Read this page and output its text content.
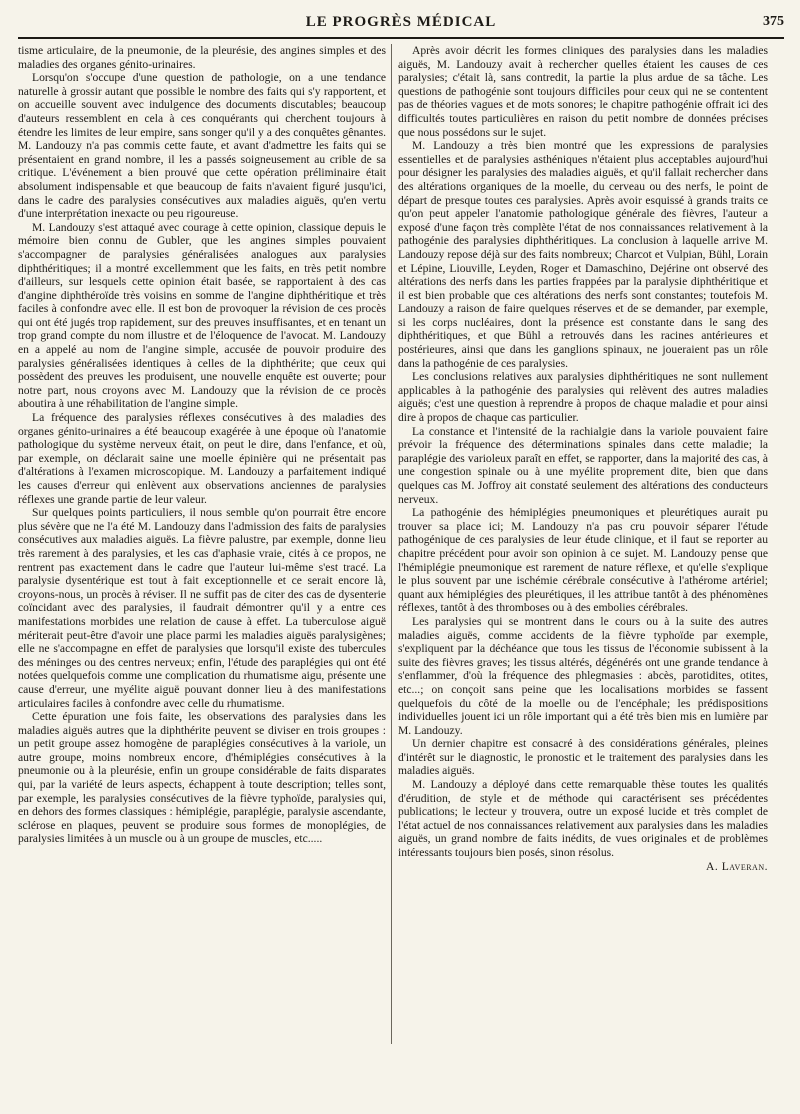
LE PROGRÈS MÉDICAL	375

tisme articulaire, de la pneumonie, de la pleurésie, des angines simples et des maladies des organes génito-urinaires.

Lorsqu'on s'occupe d'une question de pathologie, on a une tendance naturelle à grossir autant que possible le nombre des faits qui s'y rapportent, et on accueille souvent avec indulgence des documents discutables; beaucoup d'auteurs ressemblent en cela à ces conquérants qui cherchent toujours à étendre les limites de leur empire, sans songer qu'il y a des conquêtes gênantes. M. Landouzy n'a pas commis cette faute, et avant d'admettre les faits qui se présentaient en grand nombre, il les a passés soigneusement au crible de sa critique. L'événement a bien prouvé que cette opération préliminaire était absolument indispensable et que beaucoup de faits n'avaient figuré jusqu'ici, dans le cadre des paralysies consécutives aux maladies aiguës, qu'en vertu d'une interprétation inexacte ou peu rigoureuse.

M. Landouzy s'est attaqué avec courage à cette opinion, classique depuis le mémoire bien connu de Gubler, que les angines simples pouvaient s'accompagner de paralysies généralisées analogues aux paralysies diphthéritiques; il a montré excellemment que les faits, en très petit nombre d'ailleurs, sur lesquels cette opinion était basée, se rapportaient à des cas d'angine diphthéroïde très voisins en somme de l'angine diphthéritique et très faciles à confondre avec elle. Il est bon de provoquer la révision de ces procès qui ont été jugés trop rapidement, sur des preuves insuffisantes, et en tenant un trop grand compte du nom illustre et de l'éloquence de l'avocat. M. Landouzy en a appelé au nom de l'angine simple, accusée de pouvoir produire des paralysies généralisées identiques à celles de la diphthérite; que ceux qui possèdent des preuves les produisent, une nouvelle enquête est ouverte; pour notre part, nous croyons avec M. Landouzy que la révision de ce procès aboutira à une réhabilitation de l'angine simple.

La fréquence des paralysies réflexes consécutives à des maladies des organes génito-urinaires a été beaucoup exagérée à une époque où l'anatomie pathologique du système nerveux était, on peut le dire, dans l'enfance, et où, par exemple, on déclarait saine une moelle épinière qui ne présentait pas d'altérations à l'examen microscopique. M. Landouzy a parfaitement indiqué les causes d'erreur qui enlèvent aux observations anciennes de paralysies réflexes une grande partie de leur valeur.

Sur quelques points particuliers, il nous semble qu'on pourrait être encore plus sévère que ne l'a été M. Landouzy dans l'admission des faits de paralysies consécutives aux maladies aiguës. La fièvre palustre, par exemple, donne lieu très rarement à des paralysies, et les cas d'aphasie vraie, cités à ce propos, ne rentrent pas exactement dans le cadre que l'auteur lui-même s'est tracé. La paralysie dysentérique est tout à fait exceptionnelle et ce serait encore là, croyons-nous, un procès à réviser. Il ne suffit pas de citer des cas de dysenterie coïncidant avec des paralysies, il faudrait démontrer qu'il y a entre ces manifestations morbides une relation de cause à effet. La tuberculose aiguë mériterait peut-être d'avoir une place parmi les maladies aiguës paralysigènes; elle ne s'accompagne en effet de paralysies que lorsqu'il existe des tubercules des méninges ou des centres nerveux; enfin, l'étude des paraplégies qui ont été notées quelquefois comme une complication du rhumatisme aigu, présente une cause d'erreur, une myélite aiguë pouvant donner lieu à des manifestations articulaires faciles à confondre avec celle du rhumatisme.

Cette épuration une fois faite, les observations des paralysies dans les maladies aiguës autres que la diphthérite peuvent se diviser en trois groupes : un petit groupe assez homogène de paraplégies consécutives à la variole, un autre groupe, moins nombreux encore, d'hémiplégies consécutives à la pneumonie ou à la pleurésie, enfin un groupe considérable de faits disparates qui, par la variété de leurs aspects, échappent à toute description; telles sont, par exemple, les paralysies consécutives de la fièvre typhoïde, paralysies qui, en dehors des formes classiques : hémiplégie, paraplégie, paralysie ascendante, sclérose en plaques, peuvent se produire sous formes de monoplégies, de paralysies limitées à un muscle ou à un groupe de muscles, etc.....

Après avoir décrit les formes cliniques des paralysies dans les maladies aiguës, M. Landouzy avait à rechercher quelles étaient les causes de ces paralysies; c'était là, sans contredit, la partie la plus ardue de sa tâche. Les questions de pathogénie sont toujours difficiles pour ceux qui ne se contentent pas de théories vagues et de mots sonores; le chapitre pathogénie offrait ici des difficultés toutes particulières en raison du petit nombre de données précises que nous possédons sur le sujet.

M. Landouzy a très bien montré que les expressions de paralysies essentielles et de paralysies asthéniques n'étaient plus acceptables aujourd'hui pour désigner les paralysies des maladies aiguës, et qu'il fallait rechercher dans des altérations organiques de la moelle, du cerveau ou des nerfs, le point de départ de presque toutes ces paralysies. Après avoir esquissé à grands traits ce qu'on peut appeler l'anatomie pathologique générale des fièvres, l'auteur a exposé d'une façon très complète l'état de nos connaissances relativement à la pathogénie des paralysies diphthéritiques. La conclusion à laquelle arrive M. Landouzy repose déjà sur des faits nombreux; Charcot et Vulpian, Bühl, Lorain et Lépine, Liouville, Leyden, Roger et Damaschino, Dejérine ont observé des altérations des nerfs dans les parties frappées par la paralysie diphthéritique et il est bien probable que ces altérations des nerfs sont constantes; toutefois M. Landouzy a raison de faire quelques réserves et de se demander, par exemple, si les corps nucléaires, dont la présence est constante dans le sang des diphthéritiques, et que Bühl a retrouvés dans les racines antérieures et postérieures, ainsi que dans les ganglions spinaux, ne joueraient pas un rôle dans la pathogénie de ces paralysies.

Les conclusions relatives aux paralysies diphthéritiques ne sont nullement applicables à la pathogénie des paralysies qui relèvent des autres maladies aiguës; c'est une question à reprendre à propos de chaque maladie et pour ainsi dire à propos de chaque cas particulier.

La constance et l'intensité de la rachialgie dans la variole pouvaient faire prévoir la fréquence des déterminations spinales dans cette maladie; la paraplégie des varioleux paraît en effet, se rapporter, dans la majorité des cas, à une congestion spinale ou à une myélite proprement dite, bien que dans quelques cas M. Joffroy ait constaté seulement des altérations des conducteurs nerveux.

La pathogénie des hémiplégies pneumoniques et pleurétiques aurait pu trouver sa place ici; M. Landouzy n'a pas cru pouvoir séparer l'étude pathogénique de ces paralysies de leur étude clinique, et il faut se reporter au chapitre précédent pour avoir son opinion à ce sujet. M. Landouzy pense que l'hémiplégie pneumonique est rarement de nature réflexe, et qu'elle s'explique le plus souvent par une ischémie cérébrale consécutive à l'athérome artériel; quant aux hémiplégies des pleurétiques, il les attribue tantôt à des phénomènes réflexes, tantôt à des thromboses ou à des embolies cérébrales.

Les paralysies qui se montrent dans le cours ou à la suite des autres maladies aiguës, comme accidents de la fièvre typhoïde par exemple, s'expliquent par la déchéance que tous les tissus de l'économie subissent à la suite des fièvres graves; les tissus altérés, dégénérés ont une grande tendance à s'enflammer, d'où la fréquence des phlegmasies : abcès, parotidites, otites, etc...; on conçoit sans peine que les localisations morbides se fassent quelquefois du côté de la moelle ou de l'encéphale; les prédispositions individuelles jouent ici un rôle important qui a été très bien mis en lumière par M. Landouzy.

Un dernier chapitre est consacré à des considérations générales, pleines d'intérêt sur le diagnostic, le pronostic et le traitement des paralysies dans les maladies aiguës.

M. Landouzy a déployé dans cette remarquable thèse toutes les qualités d'érudition, de style et de méthode qui caractérisent ses précédentes publications; le lecteur y trouvera, outre un exposé lucide et très complet de l'état actuel de nos connaissances relativement aux paralysies dans les maladies aiguës, un grand nombre de faits inédits, de vues originales et de problèmes intéressants toujours bien posés, sinon résolus.

A. Laveran.
